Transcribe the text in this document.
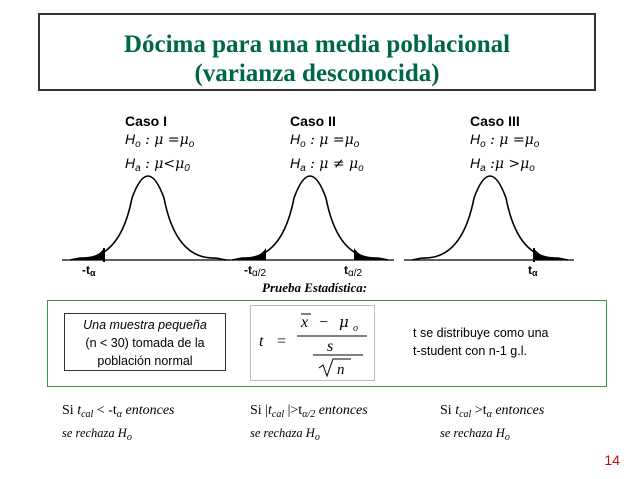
Dócima para una media poblacional
(varianza desconocida)
Caso I
$H_o$ : $\mu =\mu_o$
$H_a$ : $\mu<\mu_0$
Caso II
$H_o$ : $\mu =\mu_o$
$H_a$ : $\mu \ne \mu_o$
Caso III
$H_o$ : $\mu =\mu_o$
$H_a$ :μ $>\mu_o$
-tα	-tα/2	tα/2	tα
Prueba Estadística:
Una muestra pequeña
(n < 30) tomada de la
población normal
t =
x − μ o
s
n
t se distribuye como una
t-student con n-1 g.l.
Si $t_{cal} < -t_\alpha$ entonces
se rechaza $H_o$
Si $|t_{cal}$ $|>t_{\alpha/2}$ entonces
se rechaza $H_o$
Si $t_{cal} >t_\alpha$ entonces
se rechaza $H_o$
14
